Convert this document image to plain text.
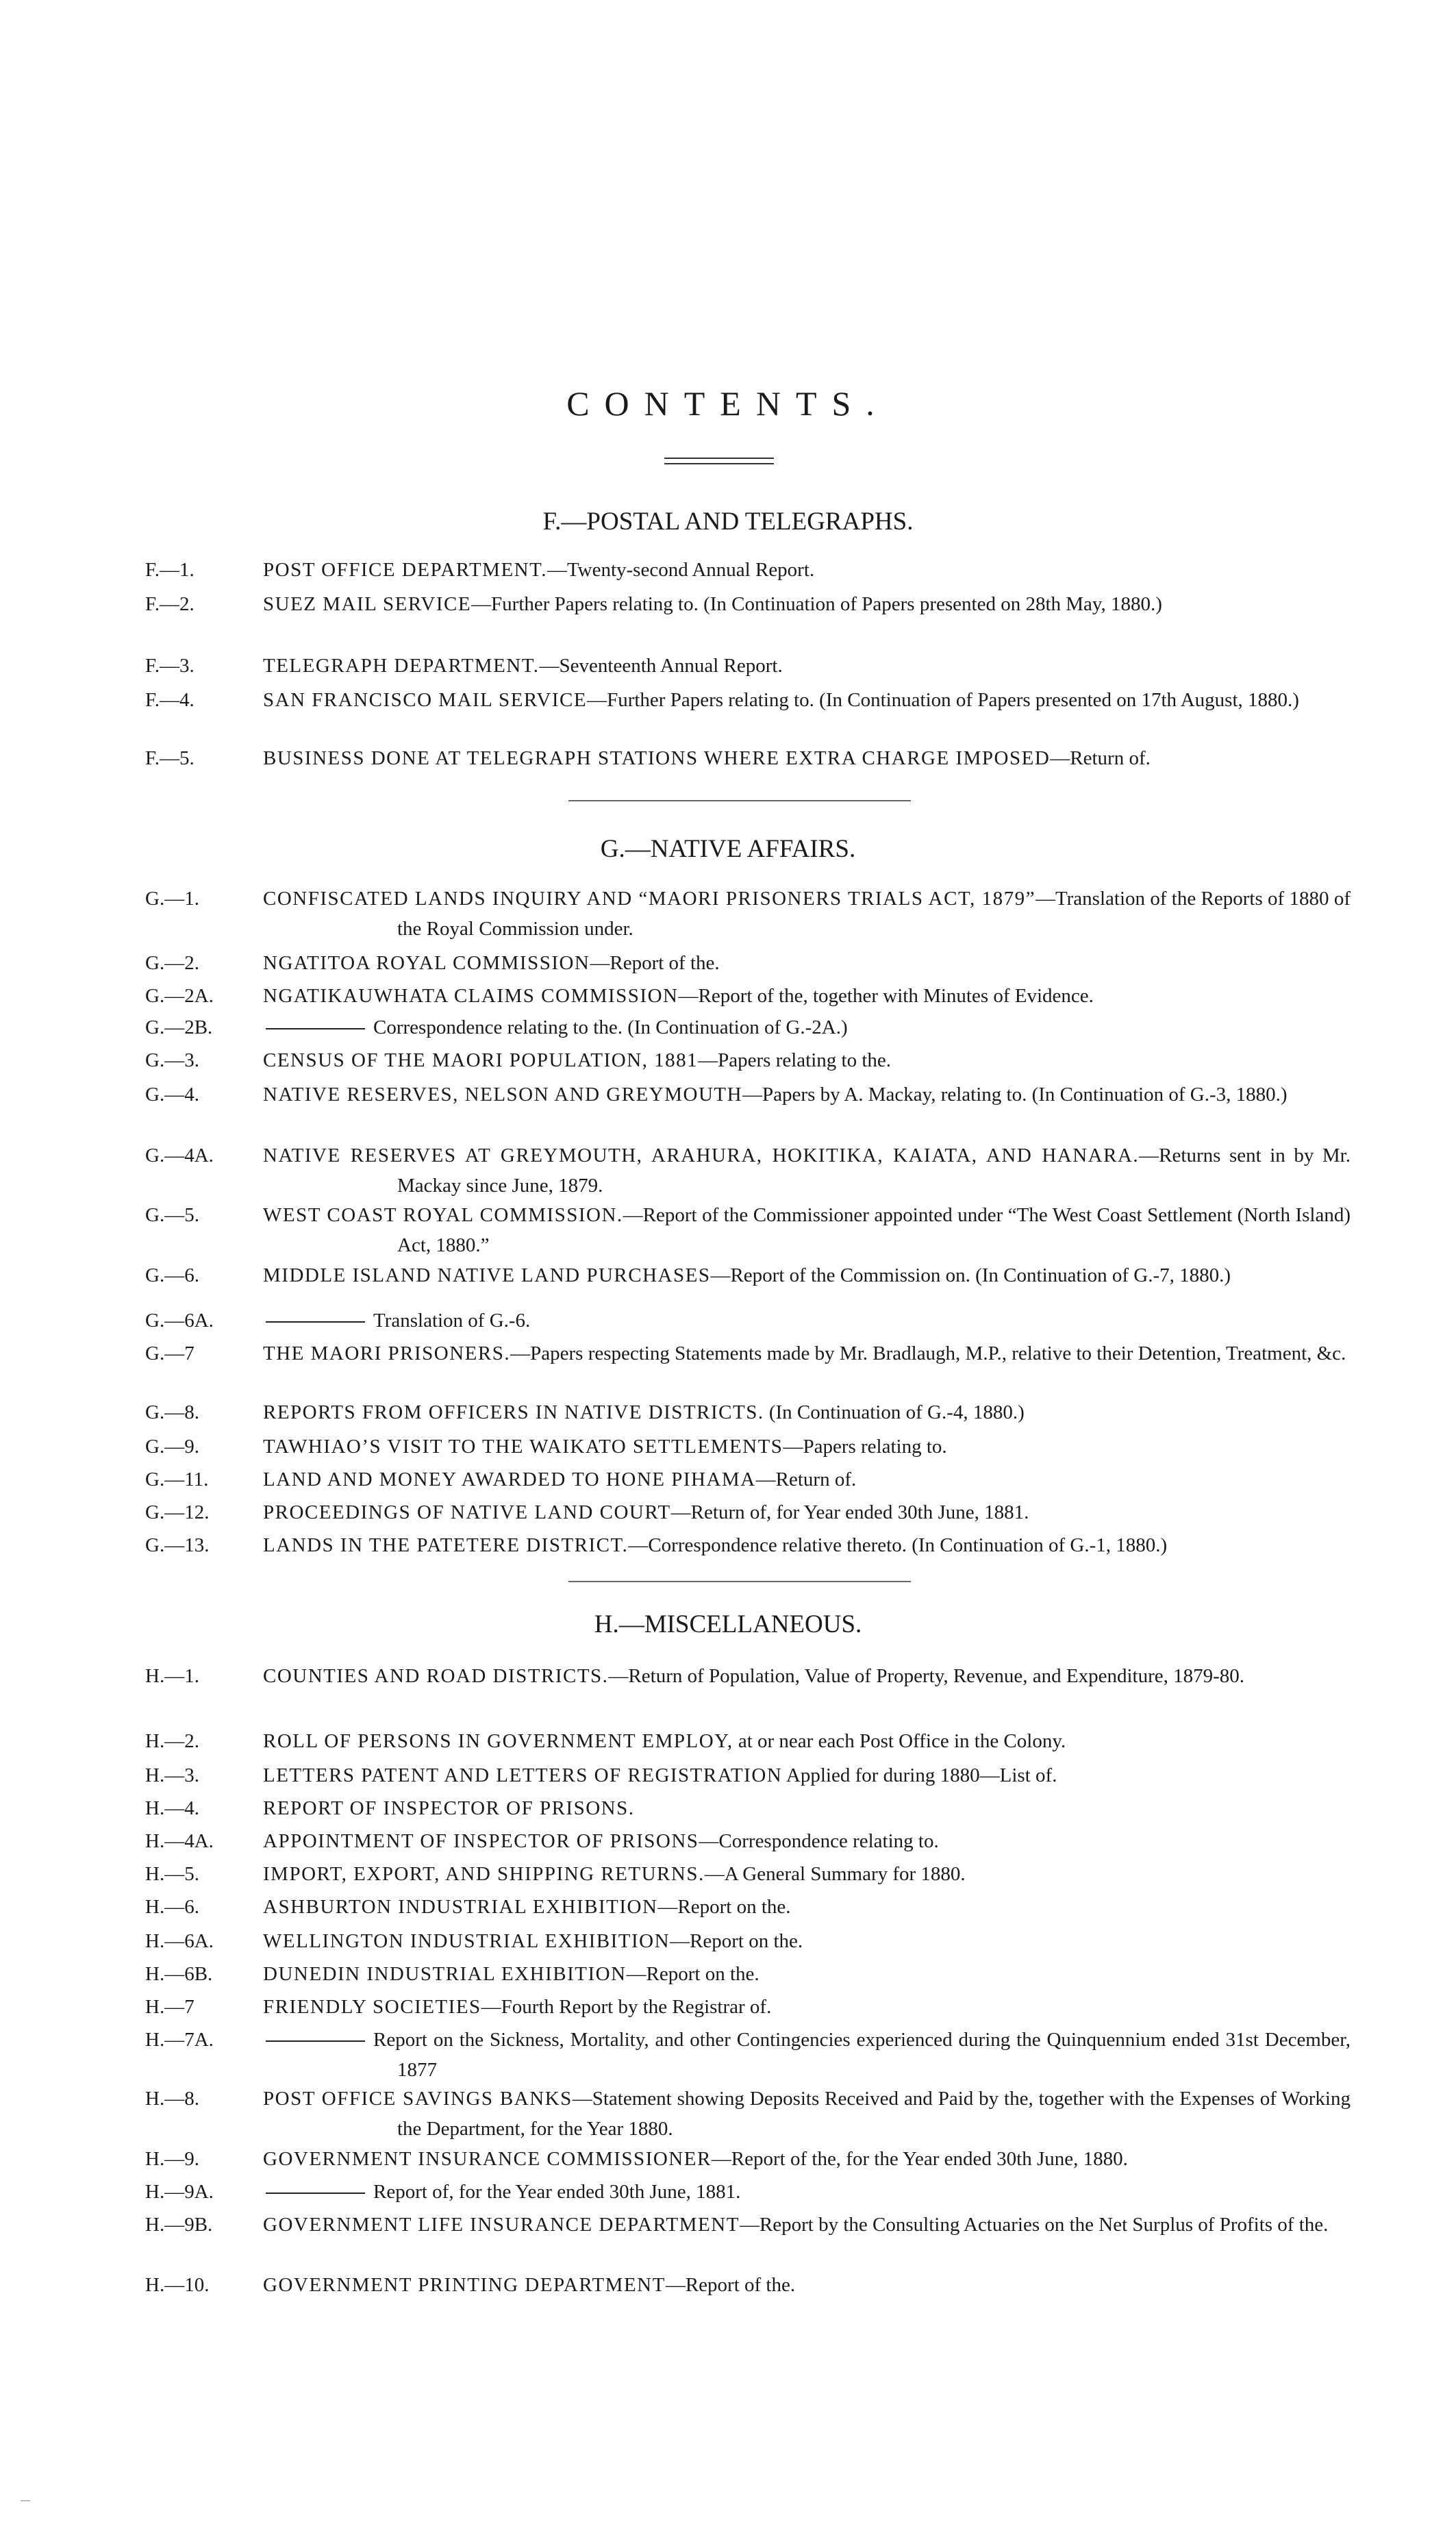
CONTENTS.
F.—POSTAL AND TELEGRAPHS.
F.—1.	POST OFFICE DEPARTMENT.—Twenty-second Annual Report.
F.—2.	SUEZ MAIL SERVICE—Further Papers relating to. (In Continuation of Papers presented on 28th May, 1880.)
F.—3.	TELEGRAPH DEPARTMENT.—Seventeenth Annual Report.
F.—4.	SAN FRANCISCO MAIL SERVICE—Further Papers relating to. (In Continuation of Papers presented on 17th August, 1880.)
F.—5.	BUSINESS DONE AT TELEGRAPH STATIONS WHERE EXTRA CHARGE IMPOSED—Return of.
G.—NATIVE AFFAIRS.
G.—1.	CONFISCATED LANDS INQUIRY AND “MAORI PRISONERS TRIALS ACT, 1879”—Translation of the Reports of 1880 of the Royal Commission under.
G.—2.	NGATITOA ROYAL COMMISSION—Report of the.
G.—2A.	NGATIKAUWHATA CLAIMS COMMISSION—Report of the, together with Minutes of Evidence.
G.—2B.	Correspondence relating to the. (In Continuation of G.-2A.)
G.—3.	CENSUS OF THE MAORI POPULATION, 1881—Papers relating to the.
G.—4.	NATIVE RESERVES, NELSON AND GREYMOUTH—Papers by A. Mackay, relating to. (In Continuation of G.-3, 1880.)
G.—4A.	NATIVE RESERVES AT GREYMOUTH, ARAHURA, HOKITIKA, KAIATA, AND HANARA.—Returns sent in by Mr. Mackay since June, 1879.
G.—5.	WEST COAST ROYAL COMMISSION.—Report of the Commissioner appointed under “The West Coast Settlement (North Island) Act, 1880.”
G.—6.	MIDDLE ISLAND NATIVE LAND PURCHASES—Report of the Commission on. (In Continuation of G.-7, 1880.)
G.—6A.	Translation of G.-6.
G.—7	THE MAORI PRISONERS.—Papers respecting Statements made by Mr. Bradlaugh, M.P., relative to their Detention, Treatment, &c.
G.—8.	REPORTS FROM OFFICERS IN NATIVE DISTRICTS. (In Continuation of G.-4, 1880.)
G.—9.	TAWHIAO’S VISIT TO THE WAIKATO SETTLEMENTS—Papers relating to.
G.—11.	LAND AND MONEY AWARDED TO HONE PIHAMA—Return of.
G.—12.	PROCEEDINGS OF NATIVE LAND COURT—Return of, for Year ended 30th June, 1881.
G.—13.	LANDS IN THE PATETERE DISTRICT.—Correspondence relative thereto. (In Continuation of G.-1, 1880.)
H.—MISCELLANEOUS.
H.—1.	COUNTIES AND ROAD DISTRICTS.—Return of Population, Value of Property, Revenue, and Expenditure, 1879-80.
H.—2.	ROLL OF PERSONS IN GOVERNMENT EMPLOY, at or near each Post Office in the Colony.
H.—3.	LETTERS PATENT AND LETTERS OF REGISTRATION Applied for during 1880—List of.
H.—4.	REPORT OF INSPECTOR OF PRISONS.
H.—4A.	APPOINTMENT OF INSPECTOR OF PRISONS—Correspondence relating to.
H.—5.	IMPORT, EXPORT, AND SHIPPING RETURNS.—A General Summary for 1880.
H.—6.	ASHBURTON INDUSTRIAL EXHIBITION—Report on the.
H.—6A.	WELLINGTON INDUSTRIAL EXHIBITION—Report on the.
H.—6B.	DUNEDIN INDUSTRIAL EXHIBITION—Report on the.
H.—7	FRIENDLY SOCIETIES—Fourth Report by the Registrar of.
H.—7A.	Report on the Sickness, Mortality, and other Contingencies experienced during the Quinquennium ended 31st December, 1877
H.—8.	POST OFFICE SAVINGS BANKS—Statement showing Deposits Received and Paid by the, together with the Expenses of Working the Department, for the Year 1880.
H.—9.	GOVERNMENT INSURANCE COMMISSIONER—Report of the, for the Year ended 30th June, 1880.
H.—9A.	Report of, for the Year ended 30th June, 1881.
H.—9B.	GOVERNMENT LIFE INSURANCE DEPARTMENT—Report by the Consulting Actuaries on the Net Surplus of Profits of the.
H.—10.	GOVERNMENT PRINTING DEPARTMENT—Report of the.
